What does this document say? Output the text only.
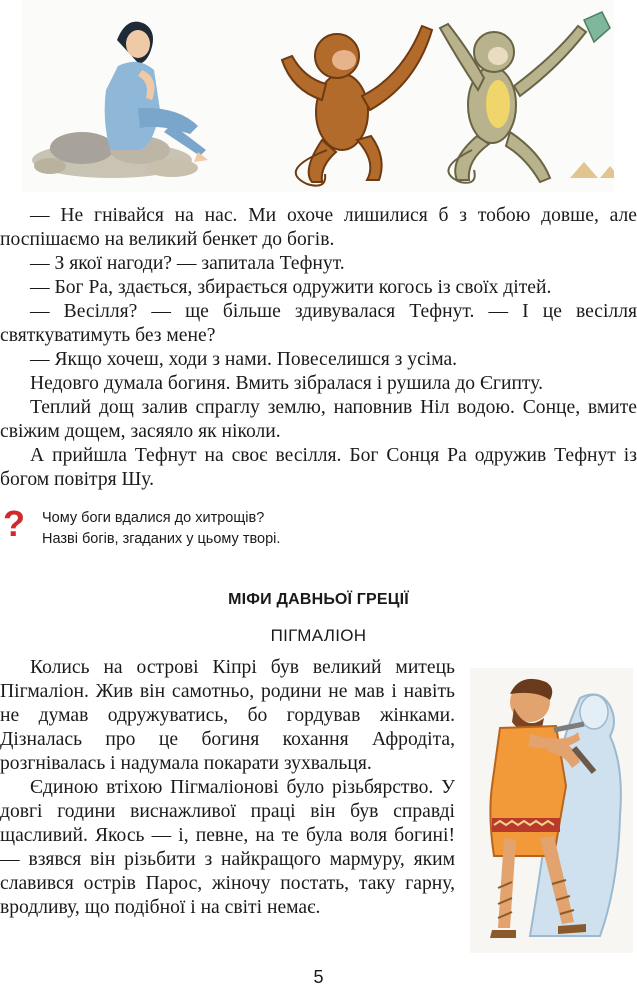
— Не гнівайся на нас. Ми охоче лишилися б з тобою довше, але поспішаємо на великий бенкет до богів.

— З якої нагоди? — запитала Тефнут.

— Бог Ра, здається, збирається одружити когось із своїх дітей.

— Весілля? — ще більше здивувалася Тефнут. — І це весілля святкуватимуть без мене?

— Якщо хочеш, ходи з нами. Повеселишся з усіма.

Недовго думала богиня. Вмить зібралася і рушила до Єгипту.

Теплий дощ залив спраглу землю, наповнив Ніл водою. Сонце, вмите свіжим дощем, засяяло як ніколи.

А прийшла Тефнут на своє весілля. Бог Сонця Ра одружив Тефнут із богом повітря Шу.

? Чому боги вдалися до хитрощів?
Назві богів, згаданих у цьому творі.
МІФИ ДАВНЬОЇ ГРЕЦІЇ
ПІГМАЛІОН

Колись на острові Кіпрі був великий митець Пігмаліон. Жив він самотньо, родини не мав і навіть не думав одружуватись, бо гордував жінками. Дізналась про це богиня кохання Афродіта, розгнівалась і надумала покарати зухвальця.

Єдиною втіхою Пігмаліонові було різьбярство. У довгі години виснажливої праці він був справді щасливий. Якось — і, певне, на те була воля богині! — взявся він різьбити з найкращого мармуру, яким славився острів Парос, жіночу постать, таку гарну, вродливу, що подібної і на світі немає.

5
